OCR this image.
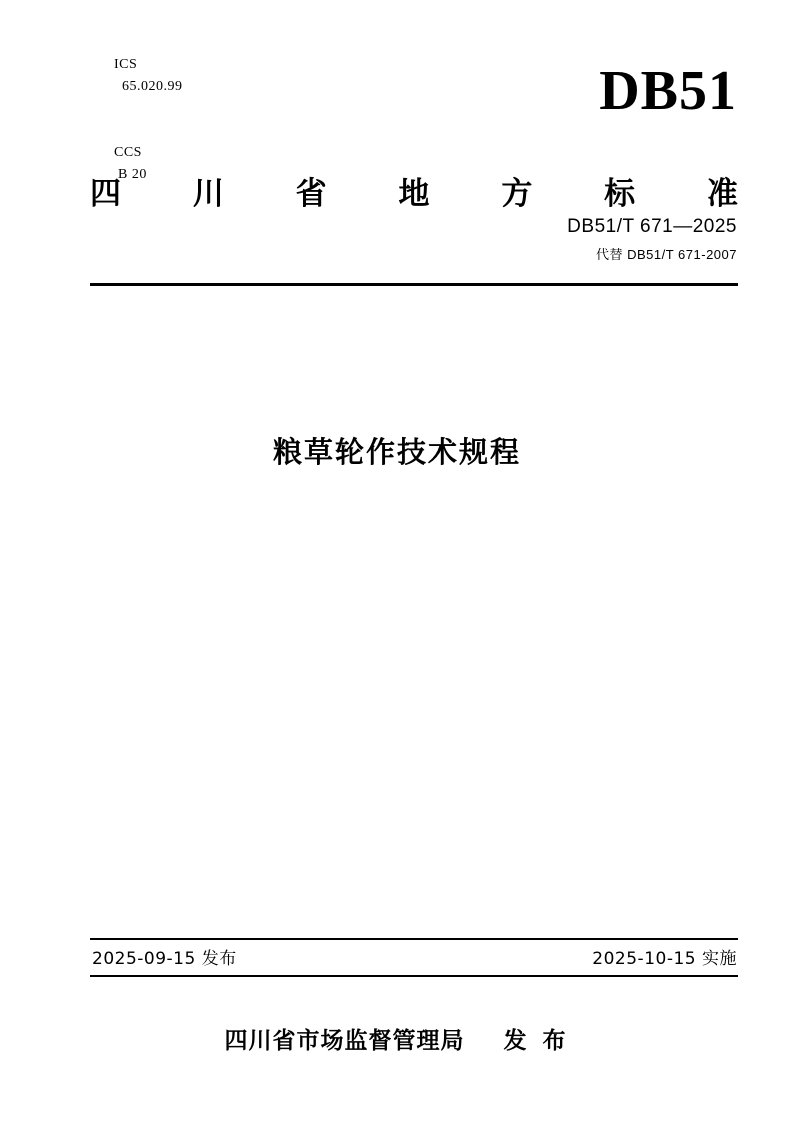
ICS
65.020.99

CCS
B 20

DB51
四 川 省 地 方 标 准
DB51/T 671—2025
代替 DB51/T 671-2007
粮草轮作技术规程
2025-09-15 发布	2025-10-15 实施
四川省市场监督管理局 发 布
